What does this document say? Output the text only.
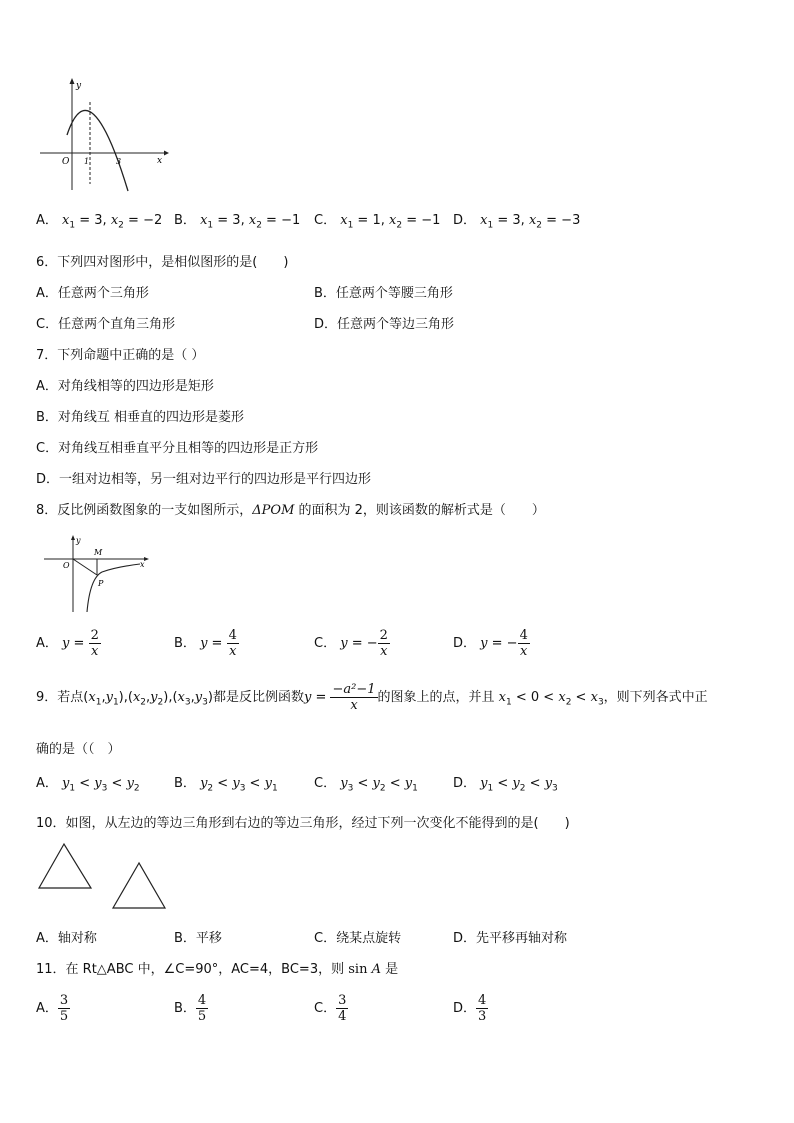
y
O 1	3	x
A． $x_1 = 3$, $x_2 = -2$ B． $x_1 = 3$, $x_2 = -1$ C． $x_1 = 1$, $x_2 = -1$ D． $x_1 = 3$, $x_2 = -3$
6．下列四对图形中，是相似图形的是(　　)
A．任意两个三角形	B．任意两个等腰三角形
C．任意两个直角三角形	D．任意两个等边三角形
7．下列命题中正确的是（ ）
A．对角线相等的四边形是矩形
B．对角线互 相垂直的四边形是菱形
C．对角线互相垂直平分且相等的四边形是正方形
D．一组对边相等，另一组对边平行的四边形是平行四边形
8．反比例函数图象的一支如图所示，ΔPOM 的面积为 2，则该函数的解析式是（　　）
y
M
O	x
P
A． $y = \frac{2}{x}$	B． $y = \frac{4}{x}$	C． y = − $\frac{2}{x}$	D． y = − $\frac{4}{x}$
9．若点$(x_1,y_1),(x_2,y_2),(x_3,y_3)$都是反比例函数$y = \frac{\text{−a²−1}}{x}$ 的图象上的点，并且 $x_1 < 0 < x_2 < x_3$，则下列各式中正
确的是（（　）
A． $y_1 < y_3 < y_2$	B． $y_2 < y_3 < y_1$	C． $y_3 < y_2 < y_1$	D． $y_1 < y_2 < y_3$
10．如图，从左边的等边三角形到右边的等边三角形，经过下列一次变化不能得到的是(　　)
A．轴对称	B．平移	C．绕某点旋转	D．先平移再轴对称
11．在 Rt△ABC 中，∠C=90°，AC=4，BC=3，则 sin A 是
A． $\frac{3}{5}$	B． $\frac{4}{5}$	C． $\frac{3}{4}$	D． $\frac{4}{3}$
